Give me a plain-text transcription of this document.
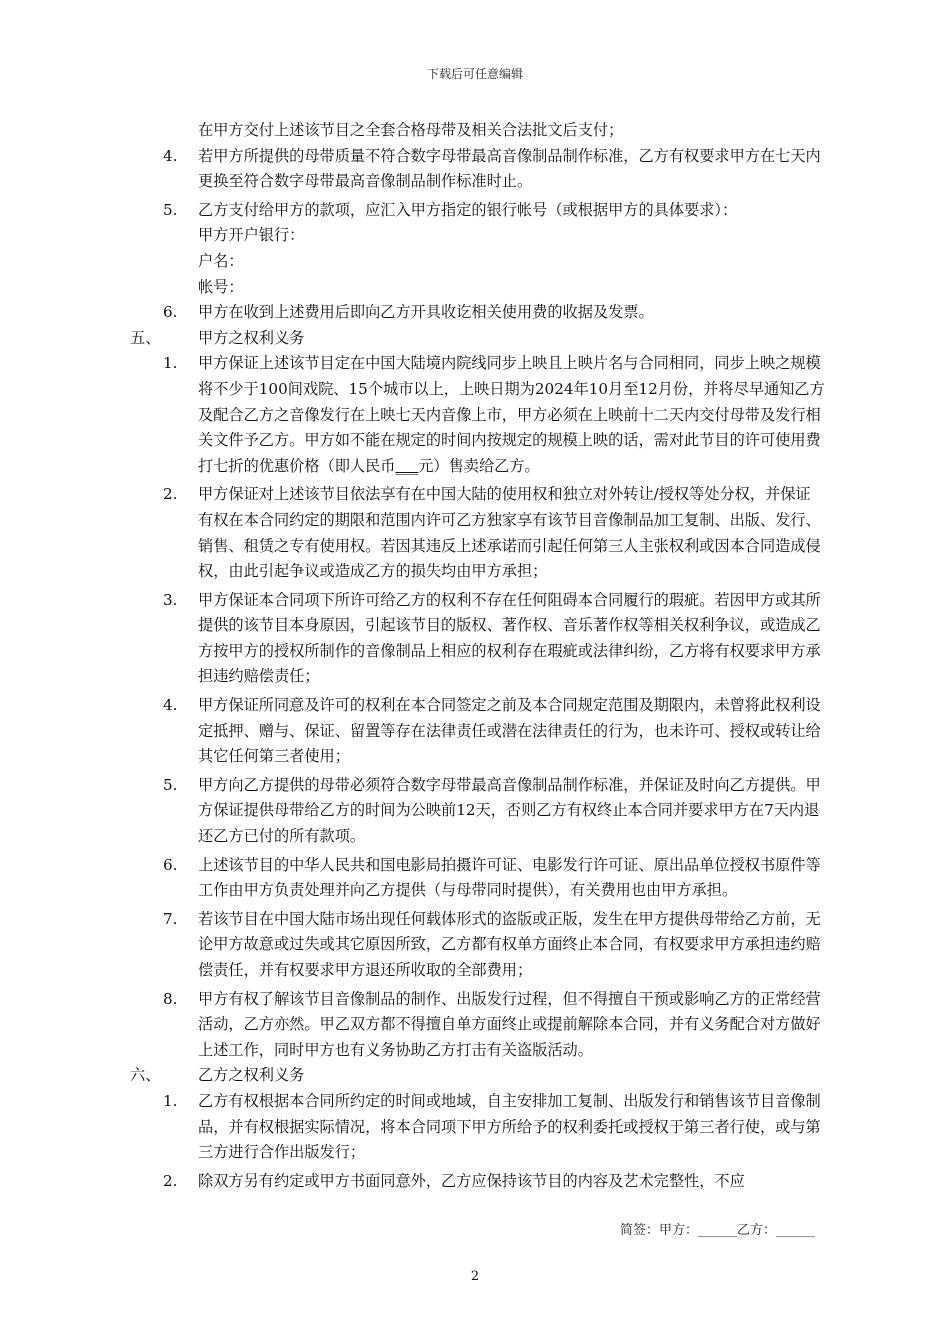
下载后可任意编辑

在甲方交付上述该节目之全套合格母带及相关合法批文后支付；

4. 若甲方所提供的母带质量不符合数字母带最高音像制品制作标准，乙方有权要求甲方在七天内更换至符合数字母带最高音像制品制作标准时止。

5. 乙方支付给甲方的款项，应汇入甲方指定的银行帐号（或根据甲方的具体要求）：

甲方开户银行：

户名：

帐号：

6. 甲方在收到上述费用后即向乙方开具收讫相关使用费的收据及发票。

五、 甲方之权利义务
1. 甲方保证上述该节目定在中国大陆境内院线同步上映且上映片名与合同相同，同步上映之规模将不少于100间戏院、15个城市以上，上映日期为2024年10月至12月份，并将尽早通知乙方及配合乙方之音像发行在上映七天内音像上市，甲方必须在上映前十二天内交付母带及发行相关文件予乙方。甲方如不能在规定的时间内按规定的规模上映的话，需对此节目的许可使用费打七折的优惠价格（即人民币___元）售卖给乙方。

2. 甲方保证对上述该节目依法享有在中国大陆的使用权和独立对外转让/授权等处分权，并保证有权在本合同约定的期限和范围内许可乙方独家享有该节目音像制品加工复制、出版、发行、销售、租赁之专有使用权。若因其违反上述承诺而引起任何第三人主张权利或因本合同造成侵权，由此引起争议或造成乙方的损失均由甲方承担；

3. 甲方保证本合同项下所许可给乙方的权利不存在任何阻碍本合同履行的瑕疵。若因甲方或其所提供的该节目本身原因，引起该节目的版权、著作权、音乐著作权等相关权利争议，或造成乙方按甲方的授权所制作的音像制品上相应的权利存在瑕疵或法律纠纷，乙方将有权要求甲方承担违约赔偿责任；

4. 甲方保证所同意及许可的权利在本合同签定之前及本合同规定范围及期限内，未曾将此权利设定抵押、赠与、保证、留置等存在法律责任或潜在法律责任的行为，也未许可、授权或转让给其它任何第三者使用；

5. 甲方向乙方提供的母带必须符合数字母带最高音像制品制作标准，并保证及时向乙方提供。甲方保证提供母带给乙方的时间为公映前12天，否则乙方有权终止本合同并要求甲方在7天内退还乙方已付的所有款项。

6. 上述该节目的中华人民共和国电影局拍摄许可证、电影发行许可证、原出品单位授权书原件等工作由甲方负责处理并向乙方提供（与母带同时提供），有关费用也由甲方承担。

7. 若该节目在中国大陆市场出现任何载体形式的盗版或正版，发生在甲方提供母带给乙方前，无论甲方故意或过失或其它原因所致，乙方都有权单方面终止本合同，有权要求甲方承担违约赔偿责任，并有权要求甲方退还所收取的全部费用；

8. 甲方有权了解该节目音像制品的制作、出版发行过程，但不得擅自干预或影响乙方的正常经营活动，乙方亦然。甲乙双方都不得擅自单方面终止或提前解除本合同，并有义务配合对方做好上述工作，同时甲方也有义务协助乙方打击有关盗版活动。

六、 乙方之权利义务
1. 乙方有权根据本合同所约定的时间或地域，自主安排加工复制、出版发行和销售该节目音像制品，并有权根据实际情况，将本合同项下甲方所给予的权利委托或授权于第三者行使，或与第三方进行合作出版发行；

2. 除双方另有约定或甲方书面同意外，乙方应保持该节目的内容及艺术完整性，不应

简签：甲方：______乙方：______
2
